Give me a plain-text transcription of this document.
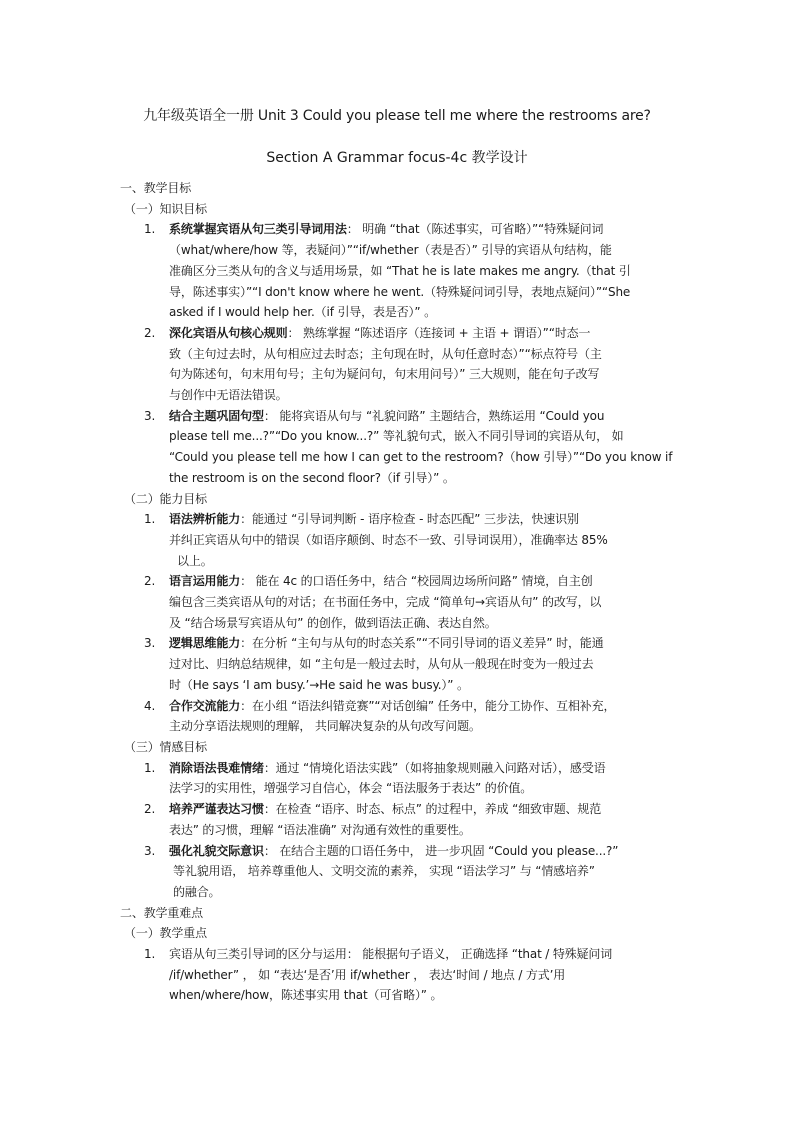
九年级英语全一册 Unit 3 Could you please tell me where the restrooms are?
Section A Grammar focus-4c 教学设计
一、教学目标
（一）知识目标
1. 系统掌握宾语从句三类引导词用法： 明确 “that（陈述事实，可省略）”“特殊疑问词
（what/where/how 等，表疑问）”“if/whether（表是否）” 引导的宾语从句结构，能
准确区分三类从句的含义与适用场景，如 “That he is late makes me angry.（that 引
导，陈述事实）”“I don't know where he went.（特殊疑问词引导，表地点疑问）”“She
asked if I would help her.（if 引导，表是否）” 。
2. 深化宾语从句核心规则： 熟练掌握 “陈述语序（连接词 + 主语 + 谓语）”“时态一
致（主句过去时，从句相应过去时态；主句现在时，从句任意时态）”“标点符号（主
句为陈述句，句末用句号；主句为疑问句，句末用问号）” 三大规则，能在句子改写
与创作中无语法错误。
3. 结合主题巩固句型： 能将宾语从句与 “礼貌问路” 主题结合，熟练运用 “Could you
please tell me...?”“Do you know...?” 等礼貌句式，嵌入不同引导词的宾语从句， 如
“Could you please tell me how I can get to the restroom?（how 引导）”“Do you know if
the restroom is on the second floor?（if 引导）” 。
（二）能力目标
1. 语法辨析能力：能通过 “引导词判断 - 语序检查 - 时态匹配” 三步法，快速识别
并纠正宾语从句中的错误（如语序颠倒、时态不一致、引导词误用），准确率达 85%
以上。
2. 语言运用能力： 能在 4c 的口语任务中，结合 “校园周边场所问路” 情境，自主创
编包含三类宾语从句的对话；在书面任务中，完成 “简单句→宾语从句” 的改写，以
及 “结合场景写宾语从句” 的创作，做到语法正确、表达自然。
3. 逻辑思维能力：在分析 “主句与从句的时态关系”“不同引导词的语义差异” 时，能通
过对比、归纳总结规律，如 “主句是一般过去时，从句从一般现在时变为一般过去
时（He says ‘I am busy.’→He said he was busy.）” 。
4. 合作交流能力：在小组 “语法纠错竞赛”“对话创编” 任务中，能分工协作、互相补充，
主动分享语法规则的理解， 共同解决复杂的从句改写问题。
（三）情感目标
1. 消除语法畏难情绪：通过 “情境化语法实践”（如将抽象规则融入问路对话），感受语
法学习的实用性，增强学习自信心，体会 “语法服务于表达” 的价值。
2. 培养严谨表达习惯：在检查 “语序、时态、标点” 的过程中，养成 “细致审题、规范
表达” 的习惯，理解 “语法准确” 对沟通有效性的重要性。
3. 强化礼貌交际意识： 在结合主题的口语任务中， 进一步巩固 “Could you please...?”
等礼貌用语， 培养尊重他人、文明交流的素养， 实现 “语法学习” 与 “情感培养”
的融合。
二、教学重难点
（一）教学重点
1. 宾语从句三类引导词的区分与运用： 能根据句子语义， 正确选择 “that / 特殊疑问词
/if/whether” ， 如 “表达‘是否’用 if/whether ， 表达‘时间 / 地点 / 方式’用
when/where/how，陈述事实用 that（可省略）” 。
